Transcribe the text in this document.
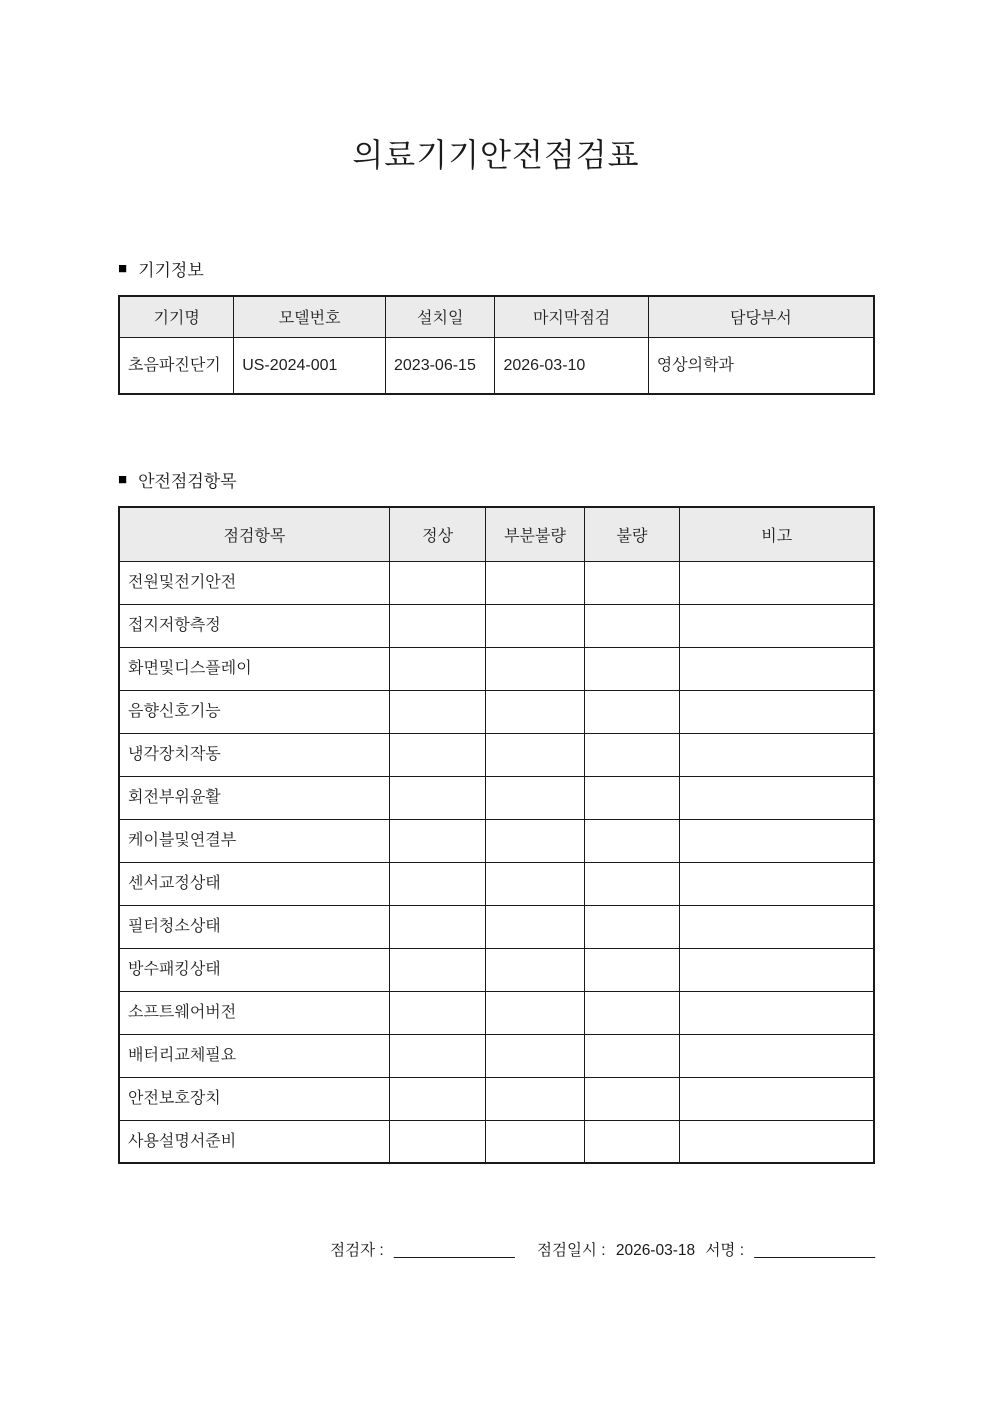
의료기기안전점검표
■ 기기정보
기기명	모델번호	설치일	마지막점검	담당부서
초음파진단기	US-2024-001	2023-06-15	2026-03-10	영상의학과
■ 안전점검항목
점검항목	정상	부분불량	불량	비고
전원및전기안전				
접지저항측정				
화면및디스플레이				
음향신호기능				
냉각장치작동				
회전부위윤활				
케이블및연결부				
센서교정상태				
필터청소상태				
방수패킹상태				
소프트웨어버전				
배터리교체필요				
안전보호장치				
사용설명서준비				
점검자 : ______________ 점검일시 : 2026-03-18 서명 : ______________
